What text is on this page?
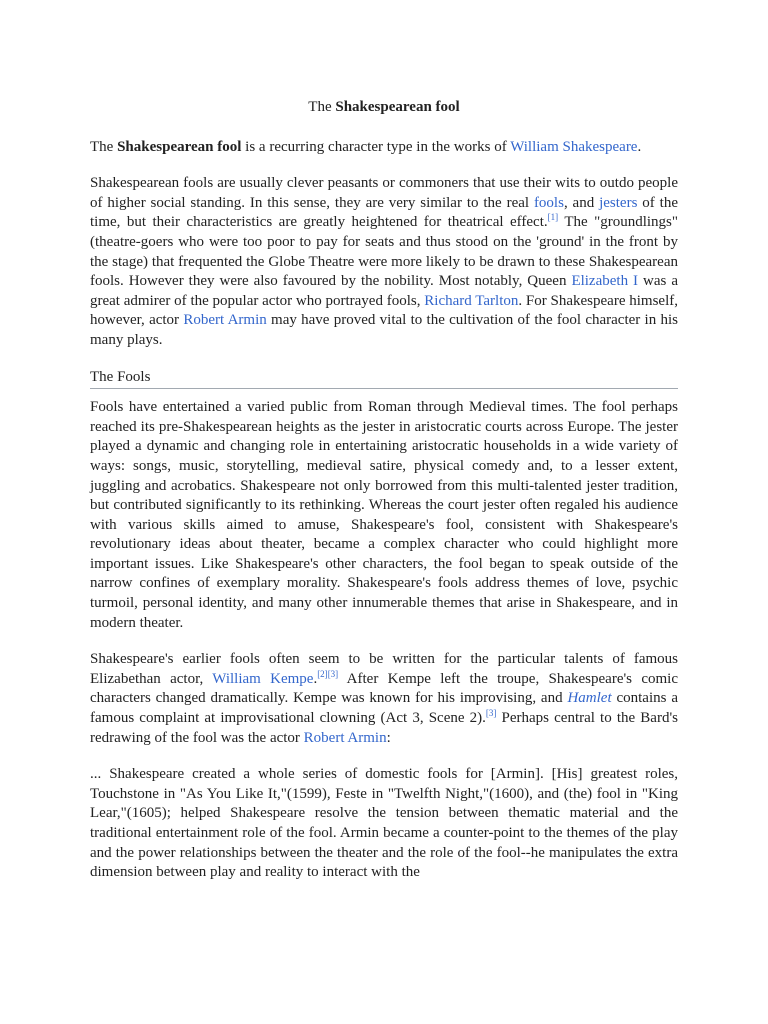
The Shakespearean fool

The Shakespearean fool is a recurring character type in the works of William Shakespeare.

Shakespearean fools are usually clever peasants or commoners that use their wits to outdo people of higher social standing. In this sense, they are very similar to the real fools, and jesters of the time, but their characteristics are greatly heightened for theatrical effect.[1] The "groundlings" (theatre-goers who were too poor to pay for seats and thus stood on the 'ground' in the front by the stage) that frequented the Globe Theatre were more likely to be drawn to these Shakespearean fools. However they were also favoured by the nobility. Most notably, Queen Elizabeth I was a great admirer of the popular actor who portrayed fools, Richard Tarlton. For Shakespeare himself, however, actor Robert Armin may have proved vital to the cultivation of the fool character in his many plays.

The Fools

Fools have entertained a varied public from Roman through Medieval times. The fool perhaps reached its pre-Shakespearean heights as the jester in aristocratic courts across Europe. The jester played a dynamic and changing role in entertaining aristocratic households in a wide variety of ways: songs, music, storytelling, medieval satire, physical comedy and, to a lesser extent, juggling and acrobatics. Shakespeare not only borrowed from this multi-talented jester tradition, but contributed significantly to its rethinking. Whereas the court jester often regaled his audience with various skills aimed to amuse, Shakespeare's fool, consistent with Shakespeare's revolutionary ideas about theater, became a complex character who could highlight more important issues. Like Shakespeare's other characters, the fool began to speak outside of the narrow confines of exemplary morality. Shakespeare's fools address themes of love, psychic turmoil, personal identity, and many other innumerable themes that arise in Shakespeare, and in modern theater.

Shakespeare's earlier fools often seem to be written for the particular talents of famous Elizabethan actor, William Kempe.[2][3] After Kempe left the troupe, Shakespeare's comic characters changed dramatically. Kempe was known for his improvising, and Hamlet contains a famous complaint at improvisational clowning (Act 3, Scene 2).[3] Perhaps central to the Bard's redrawing of the fool was the actor Robert Armin:

... Shakespeare created a whole series of domestic fools for [Armin]. [His] greatest roles, Touchstone in "As You Like It,"(1599), Feste in "Twelfth Night,"(1600), and (the) fool in "King Lear,"(1605); helped Shakespeare resolve the tension between thematic material and the traditional entertainment role of the fool. Armin became a counter-point to the themes of the play and the power relationships between the theater and the role of the fool--he manipulates the extra dimension between play and reality to interact with the
